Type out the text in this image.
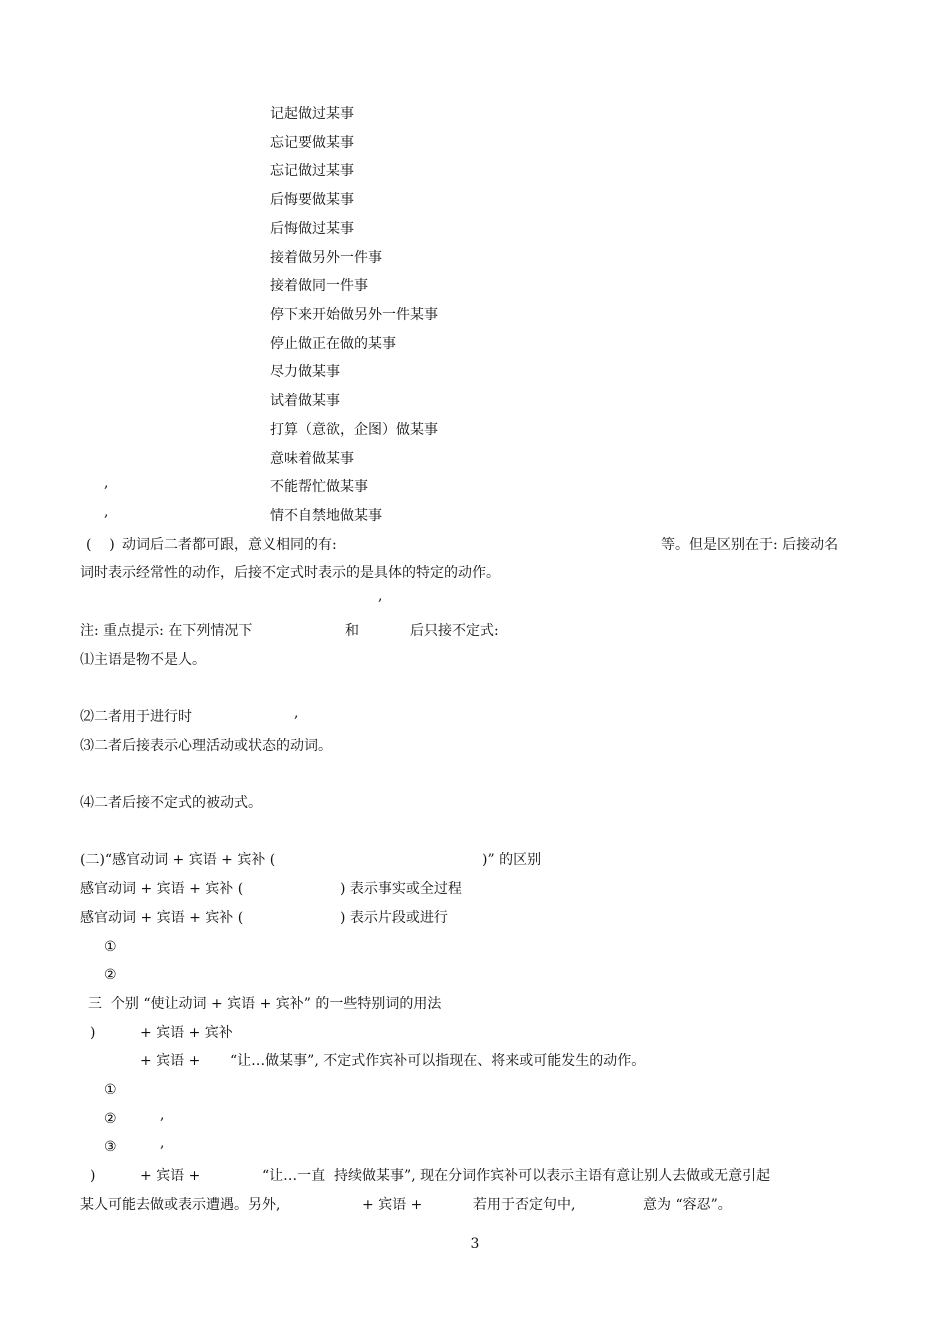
记起做过某事
忘记要做某事
忘记做过某事
后悔要做某事
后悔做过某事
接着做另外一件事
接着做同一件事
停下来开始做另外一件某事
停止做正在做的某事
尽力做某事
试着做某事
打算（意欲，企图）做某事
意味着做某事
不能帮忙做某事
情不自禁地做某事
,
,
(    ) 动词后二者都可跟，意义相同的有:	等。但是区别在于: 后接动名
词时表示经常性的动作，后接不定式时表示的是具体的特定的动作。
,
注: 重点提示: 在下列情况下	和	后只接不定式:
⑴主语是物不是人。
⑵二者用于进行时	,
⑶二者后接表示心理活动或状态的动词。
⑷二者后接不定式的被动式。
(二)“感官动词 + 宾语 + 宾补 (	)” 的区别
感官动词 + 宾语 + 宾补 (	) 表示事实或全过程
感官动词 + 宾语 + 宾补 (	) 表示片段或进行
①
②
三  个别 “使让动词 + 宾语 + 宾补” 的一些特别词的用法
)	+ 宾语 + 宾补
+ 宾语 + “让…做某事”, 不定式作宾补可以指现在、将来或可能发生的动作。
①
②	,
③	,
)	+ 宾语 +	“让…一直  持续做某事”, 现在分词作宾补可以表示主语有意让别人去做或无意引起
某人可能去做或表示遭遇。另外,	+ 宾语 +	若用于否定句中,	意为 “容忍”。
3
